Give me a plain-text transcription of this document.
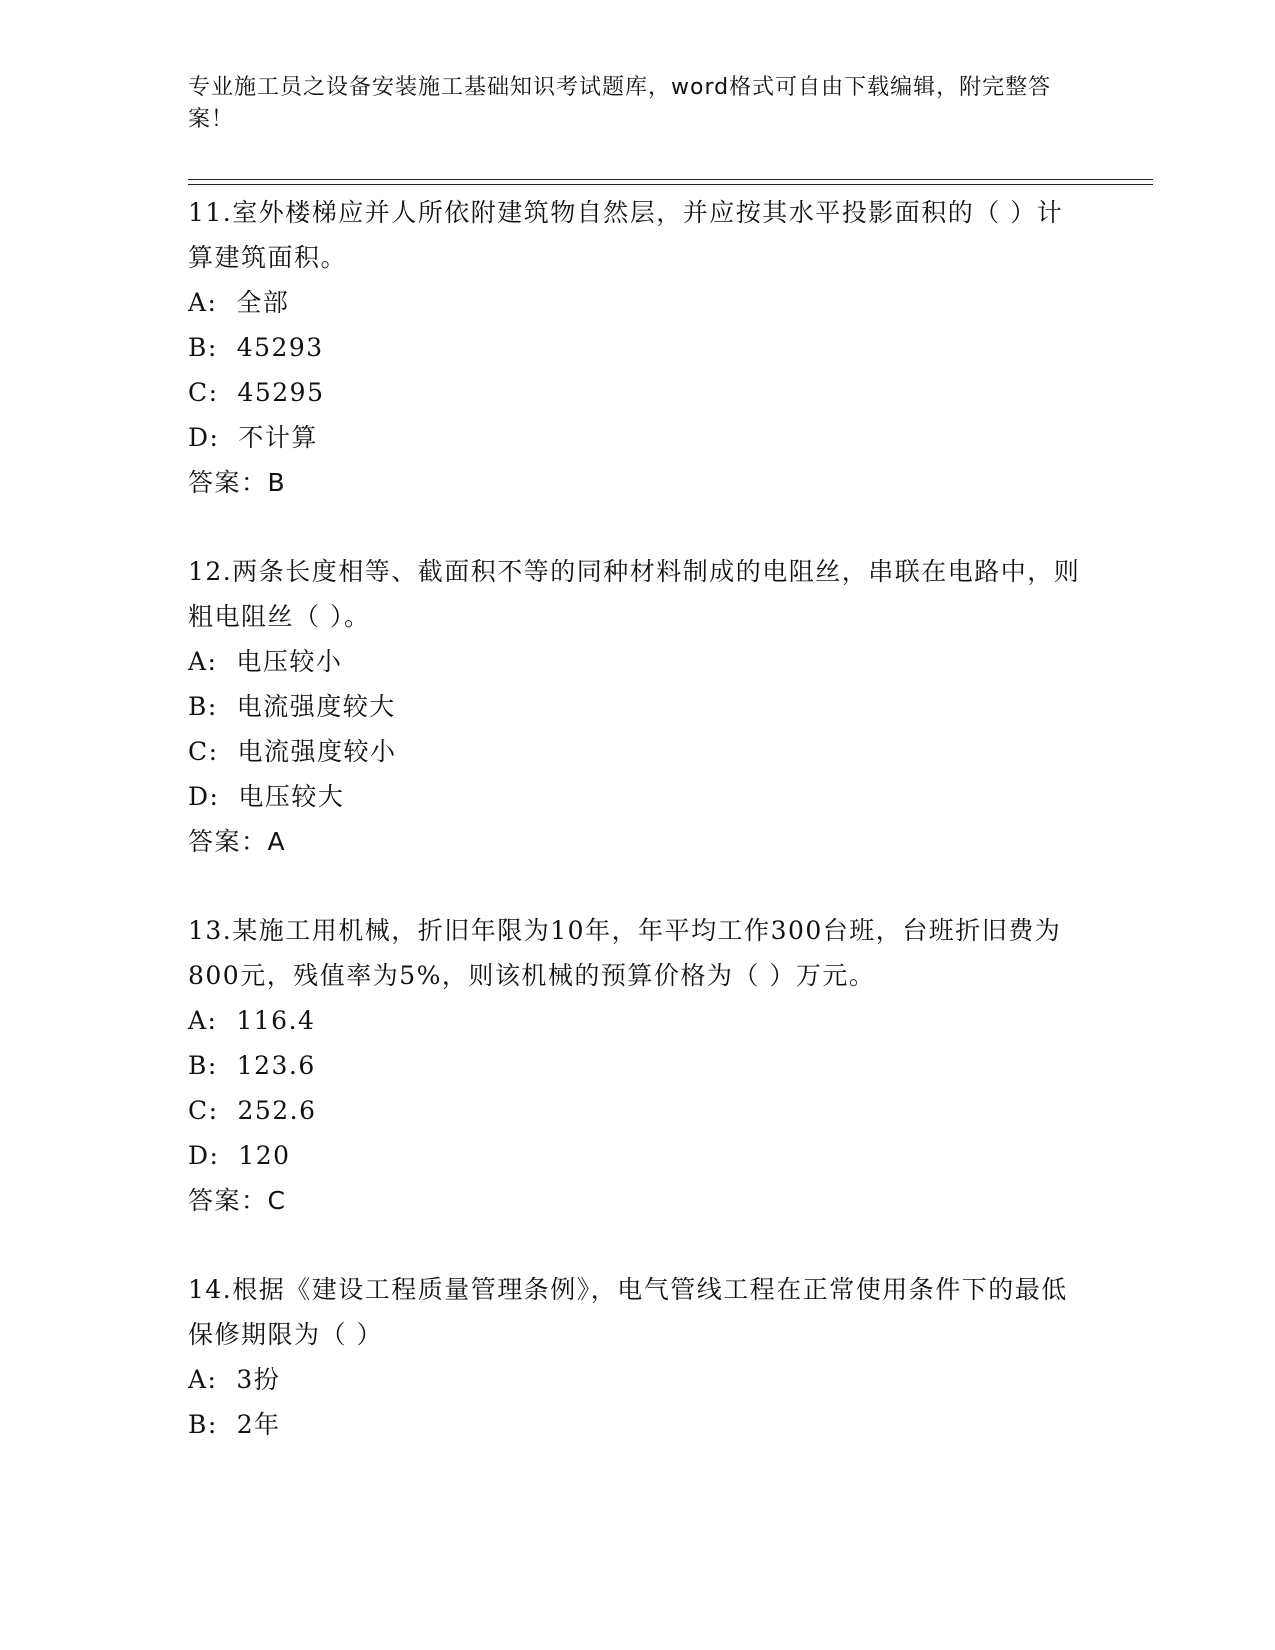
专业施工员之设备安装施工基础知识考试题库，word格式可自由下载编辑，附完整答案！

11.室外楼梯应并人所依附建筑物自然层，并应按其水平投影面积的（ ）计算建筑面积。

A:  全部

B:  45293

C:  45295

D:  不计算

答案：B

12.两条长度相等、截面积不等的同种材料制成的电阻丝，串联在电路中，则粗电阻丝（ ）。

A:  电压较小

B:  电流强度较大

C:  电流强度较小

D:  电压较大

答案：A

13.某施工用机械，折旧年限为10年，年平均工作300台班，台班折旧费为800元，残值率为5%，则该机械的预算价格为（ ）万元。

A:  116.4

B:  123.6

C:  252.6

D:  120

答案：C

14.根据《建设工程质量管理条例》，电气管线工程在正常使用条件下的最低保修期限为（ ）

A:  3扮

B:  2年
